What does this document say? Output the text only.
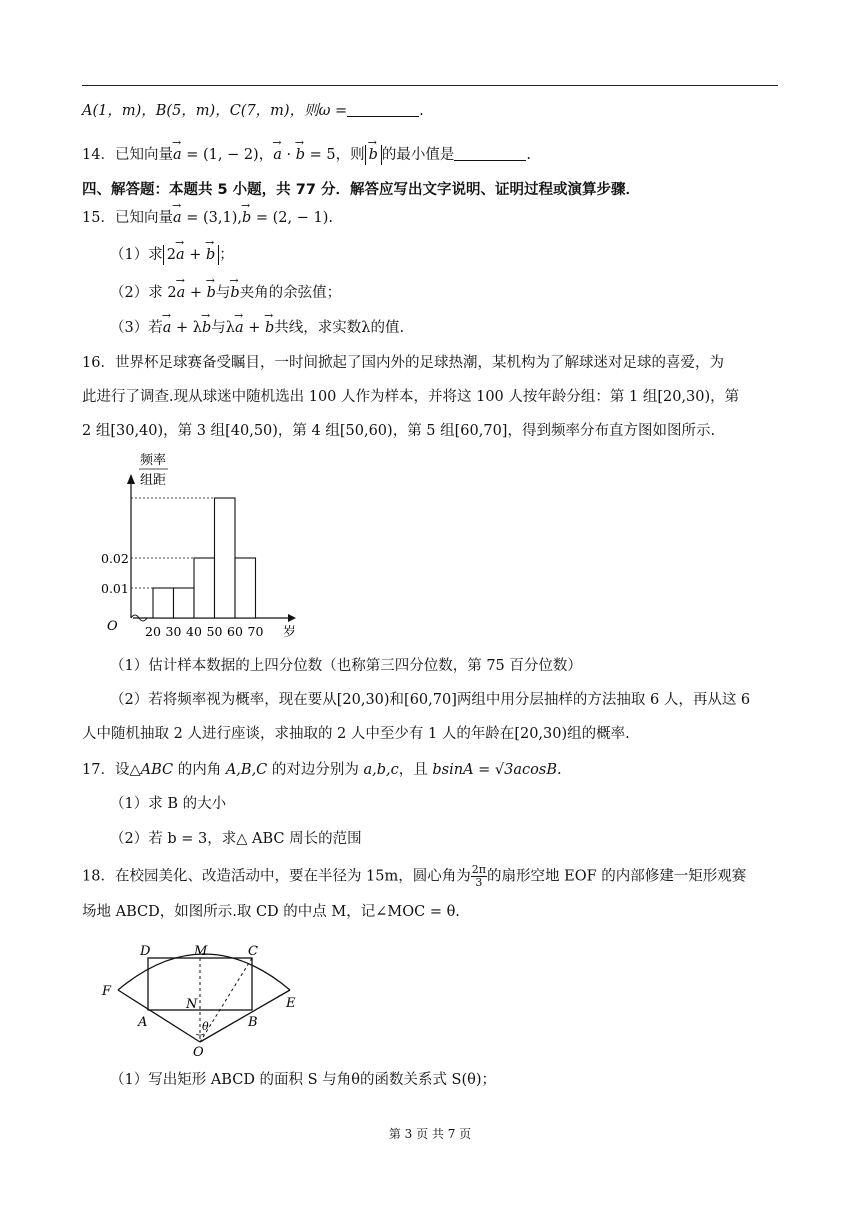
A(1，m)，B(5，m)，C(7，m)，则ω =	.
14．已知向量→ a = (1, − 2)，→ a · → b = 5，则→ b 的最小值是	.
四、解答题：本题共 5 小题，共 77 分．解答应写出文字说明、证明过程或演算步骤．
15．已知向量→ a = (3,1),→ b = (2, − 1).
（1）求 2→ a + → b ；
（2）求 2→ a + → b与→ b夹角的余弦值；
（3）若→ a + λ→ b与λ→ a + → b共线，求实数λ的值.
16．世界杯足球赛备受瞩目，一时间掀起了国内外的足球热潮，某机构为了解球迷对足球的喜爱，为
此进行了调查.现从球迷中随机选出 100 人作为样本，并将这 100 人按年龄分组：第 1 组[20,30)，第
2 组[30,40)，第 3 组[40,50)，第 4 组[50,60)，第 5 组[60,70]，得到频率分布直方图如图所示.
0.01
0.02
20 30 40 50 60 70
O	岁
频率
组距
（1）估计样本数据的上四分位数（也称第三四分位数，第 75 百分位数）
（2）若将频率视为概率，现在要从[20,30)和[60,70]两组中用分层抽样的方法抽取 6 人，再从这 6
人中随机抽取 2 人进行座谈，求抽取的 2 人中至少有 1 人的年龄在[20,30)组的概率.
17．设△ABC 的内角 A,B,C 的对边分别为 a,b,c，且 bsinA = √3acosB.
（1）求 B 的大小
（2）若 b = 3，求△ ABC 周长的范围
18．在校园美化、改造活动中，要在半径为 15m，圆心角为 $\frac{2\pi}{3}$ 的扇形空地 EOF 的内部修建一矩形观赛
场地 ABCD，如图所示.取 CD 的中点 M，记∠MOC = θ.
D	M	C
F
E
A
N
B
θ
O
（1）写出矩形 ABCD 的面积 S 与角θ的函数关系式 S(θ)；
第 3 页 共 7 页
